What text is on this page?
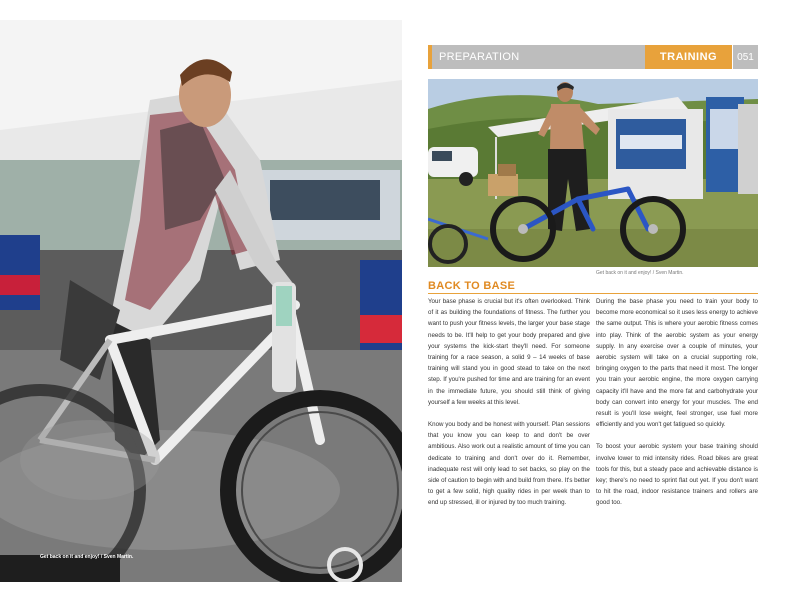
Get back on it and enjoy! / Sven Martin.
PREPARATION	TRAINING	051
Get back on it and enjoy! / Sven Martin.
BACK TO BASE

Your base phase is crucial but it's often overlooked. Think of it as building the foundations of fitness. The further you want to push your fitness levels, the larger your base stage needs to be. It'll help to get your body prepared and give your systems the kick-start they'll need. For someone training for a race season, a solid 9 – 14 weeks of base training will stand you in good stead to take on the next step. If you're pushed for time and are training for an event in the immediate future, you should still think of giving yourself a few weeks at this level.

Know you body and be honest with yourself. Plan sessions that you know you can keep to and don't be over ambitious. Also work out a realistic amount of time you can dedicate to training and don't over do it. Remember, inadequate rest will only lead to set backs, so play on the side of caution to begin with and build from there. It's better to get a few solid, high quality rides in per week than to end up stressed, ill or injured by too much training.

During the base phase you need to train your body to become more economical so it uses less energy to achieve the same output. This is where your aerobic fitness comes into play. Think of the aerobic system as your energy supply. In any exercise over a couple of minutes, your aerobic system will take on a crucial supporting role, bringing oxygen to the parts that need it most. The longer you train your aerobic engine, the more oxygen carrying capacity it'll have and the more fat and carbohydrate your body can convert into energy for your muscles. The end result is you'll lose weight, feel stronger, use fuel more efficiently and you won't get fatigued so quickly.

To boost your aerobic system your base training should involve lower to mid intensity rides. Road bikes are great tools for this, but a steady pace and achievable distance is key; there's no need to sprint flat out yet. If you don't want to hit the road, indoor resistance trainers and rollers are good too.
